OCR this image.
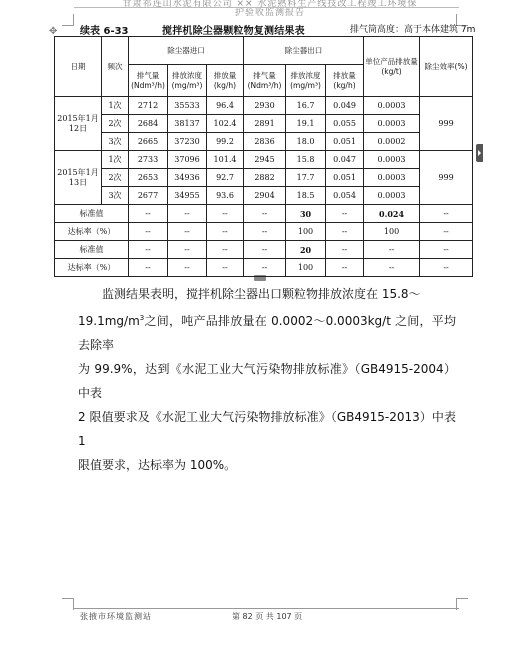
甘肃祁连山水泥有限公司 ×× 水泥熟料生产线技改工程竣工环境保护验收监测报告
✥ 续表 6-33	搅拌机除尘器颗粒物复测结果表	排气筒高度：高于本体建筑 7m
日期	频次	除尘器进口			除尘器出口			单位产品排放量(kg/t)	除尘效率(%)
		排气量(Ndm³/h)	排放浓度(mg/m³)	排放量(kg/h)	排气量(Ndm³/h)	排放浓度(mg/m³)	排放量(kg/h)		
2015年1月12日	1次	2712	35533	96.4	2930	16.7	0.049	0.0003	999
	2次	2684	38137	102.4	2891	19.1	0.055	0.0003	
	3次	2665	37230	99.2	2836	18.0	0.051	0.0002	
2015年1月13日	1次	2733	37096	101.4	2945	15.8	0.047	0.0003	999
	2次	2653	34936	92.7	2882	17.7	0.051	0.0003	
	3次	2677	34955	93.6	2904	18.5	0.054	0.0003	
标准值		--	--	--	--	30	--	0.024	--
达标率（%）		--	--	--	--	100	--	100	--
标准值		--	--	--	--	20	--	--	--
达标率（%）		--	--	--	--	100	--	--	--
监测结果表明，搅拌机除尘器出口颗粒物排放浓度在 15.8～
$19.1mg/m^3$之间，吨产品排放量在 0.0002～0.0003kg/t 之间，平均去除率
为 99.9%，达到《水泥工业大气污染物排放标准》（GB4915-2004）中表
2 限值要求及《水泥工业大气污染物排放标准》（GB4915-2013）中表 1
限值要求，达标率为 100%。
张掖市环境监测站	第 82 页 共 107 页
